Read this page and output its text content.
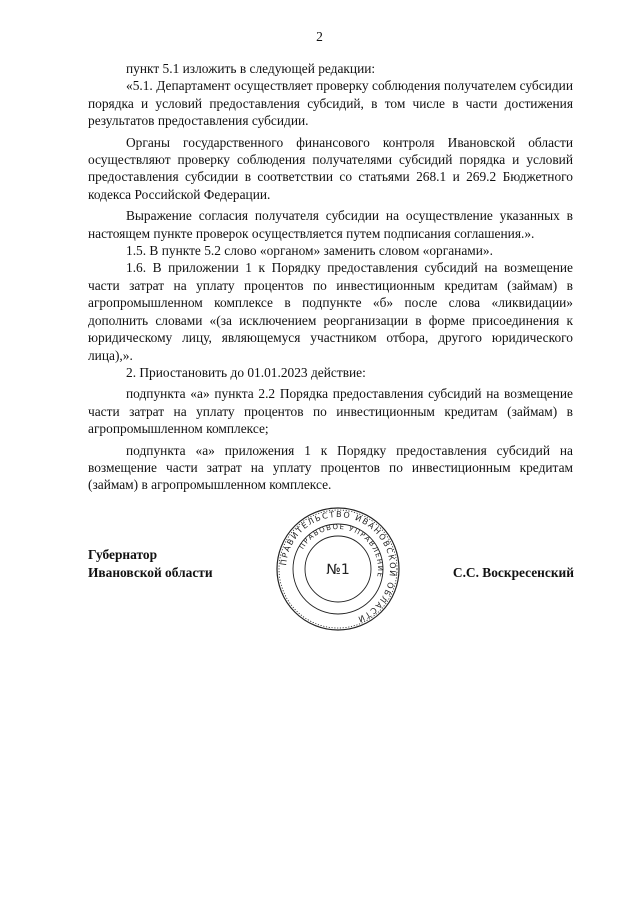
2

пункт 5.1 изложить в следующей редакции:

«5.1. Департамент осуществляет проверку соблюдения получателем субсидии порядка и условий предоставления субсидий, в том числе в части достижения результатов предоставления субсидии.

Органы государственного финансового контроля Ивановской области осуществляют проверку соблюдения получателями субсидий порядка и условий предоставления субсидии в соответствии со статьями 268.1 и 269.2 Бюджетного кодекса Российской Федерации.

Выражение согласия получателя субсидии на осуществление указанных в настоящем пункте проверок осуществляется путем подписания соглашения.».

1.5. В пункте 5.2 слово «органом» заменить словом «органами».

1.6. В приложении 1 к Порядку предоставления субсидий на возмещение части затрат на уплату процентов по инвестиционным кредитам (займам) в агропромышленном комплексе в подпункте «б» после слова «ликвидации» дополнить словами «(за исключением реорганизации в форме присоединения к юридическому лицу, являющемуся участником отбора, другого юридического лица),».

2. Приостановить до 01.01.2023 действие:

подпункта «а» пункта 2.2 Порядка предоставления субсидий на возмещение части затрат на уплату процентов по инвестиционным кредитам (займам) в агропромышленном комплексе;

подпункта «а» приложения 1 к Порядку предоставления субсидий на возмещение части затрат на уплату процентов по инвестиционным кредитам (займам) в агропромышленном комплексе.

Губернатор
Ивановской области
ПРАВИТЕЛЬСТВО ИВАНОВСКОЙ ОБЛАСТИ
ПРАВОВОЕ УПРАВЛЕНИЕ
№1	С.С. Воскресенский
